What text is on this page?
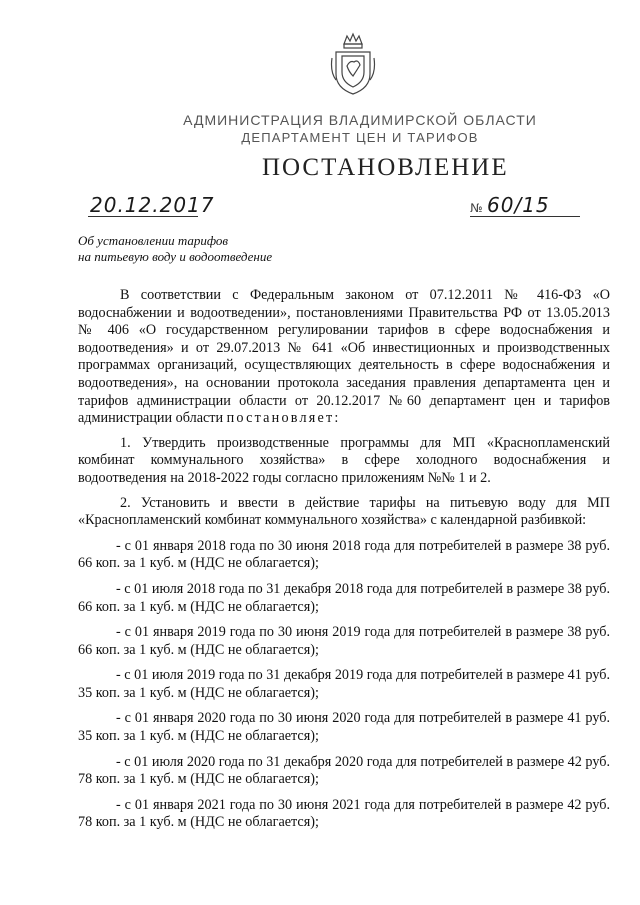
АДМИНИСТРАЦИЯ ВЛАДИМИРСКОЙ ОБЛАСТИ
ДЕПАРТАМЕНТ ЦЕН И ТАРИФОВ
ПОСТАНОВЛЕНИЕ
20.12.2017	№ 60/15
Об установлении тарифов
на питьевую воду и водоотведение

В соответствии с Федеральным законом от 07.12.2011 № 416-ФЗ «О водоснабжении и водоотведении», постановлениями Правительства РФ от 13.05.2013 № 406 «О государственном регулировании тарифов в сфере водоснабжения и водоотведения» и от 29.07.2013 № 641 «Об инвестиционных и производственных программах организаций, осуществляющих деятельность в сфере водоснабжения и водоотведения», на основании протокола заседания правления департамента цен и тарифов администрации области от 20.12.2017 №60 департамент цен и тарифов администрации области постановляет:

1. Утвердить производственные программы для МП «Краснопламенский комбинат коммунального хозяйства» в сфере холодного водоснабжения и водоотведения на 2018-2022 годы согласно приложениям №№ 1 и 2.

2. Установить и ввести в действие тарифы на питьевую воду для МП «Краснопламенский комбинат коммунального хозяйства» с календарной разбивкой:

- с 01 января 2018 года по 30 июня 2018 года для потребителей в размере 38 руб. 66 коп. за 1 куб. м (НДС не облагается);

- с 01 июля 2018 года по 31 декабря 2018 года для потребителей в размере 38 руб. 66 коп. за 1 куб. м (НДС не облагается);

- с 01 января 2019 года по 30 июня 2019 года для потребителей в размере 38 руб. 66 коп. за 1 куб. м (НДС не облагается);

- с 01 июля 2019 года по 31 декабря 2019 года для потребителей в размере 41 руб. 35 коп. за 1 куб. м (НДС не облагается);

- с 01 января 2020 года по 30 июня 2020 года для потребителей в размере 41 руб. 35 коп. за 1 куб. м (НДС не облагается);

- с 01 июля 2020 года по 31 декабря 2020 года для потребителей в размере 42 руб. 78 коп. за 1 куб. м (НДС не облагается);

- с 01 января 2021 года по 30 июня 2021 года для потребителей в размере 42 руб. 78 коп. за 1 куб. м (НДС не облагается);
